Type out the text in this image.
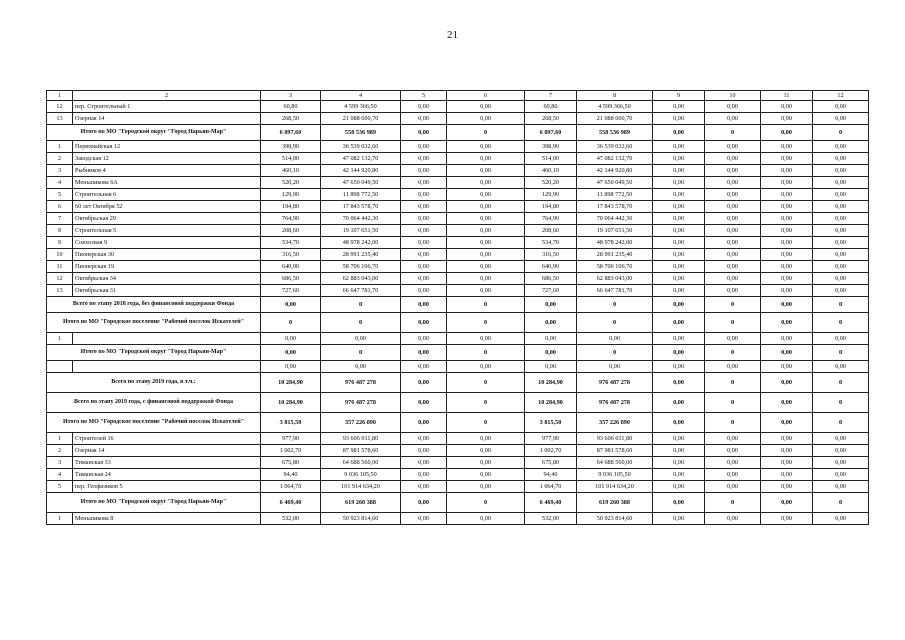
21
1	2	3	4	5	6	7	8	9	10	11	12
12	пер. Строительный 1	60,80	4 599 366,50	0,00	0,00	60,80	4 599 366,50	0,00	0,00	0,00	0,00
13	Озерная 14	268,50	21 088 600,70	0,00	0,00	268,50	21 088 600,70	0,00	0,00	0,00	0,00
Итого по МО "Городской округ "Город Нарьян-Мар"		6 097,60	558 536 989	0,00	0	6 097,60	558 536 989	0,00	0	0,00	0
1	Первомайская 12	398,90	36 539 032,60	0,00	0,00	398,90	36 539 032,60	0,00	0,00	0,00	0,00
2	Заводская 12	514,00	47 082 132,70	0,00	0,00	514,00	47 082 132,70	0,00	0,00	0,00	0,00
3	Рыбников 4	460,10	42 144 920,80	0,00	0,00	460,10	42 144 920,80	0,00	0,00	0,00	0,00
4	Меньшикова 6А	520,20	47 650 049,50	0,00	0,00	520,20	47 650 049,50	0,00	0,00	0,00	0,00
5	Строительная 6	129,90	11 898 772,50	0,00	0,00	129,90	11 898 772,50	0,00	0,00	0,00	0,00
6	60 лет Октября 52	194,80	17 843 578,70	0,00	0,00	194,80	17 843 578,70	0,00	0,00	0,00	0,00
7	Октябрьская 29	764,90	70 064 442,30	0,00	0,00	764,90	70 064 442,30	0,00	0,00	0,00	0,00
8	Строительная 5	208,60	19 107 651,50	0,00	0,00	208,60	19 107 651,50	0,00	0,00	0,00	0,00
9	Совхозная 9	534,70	48 978 242,00	0,00	0,00	534,70	48 978 242,00	0,00	0,00	0,00	0,00
10	Пионерская 30	316,50	28 991 235,40	0,00	0,00	316,50	28 991 235,40	0,00	0,00	0,00	0,00
11	Пионерская 19	640,90	58 706 106,70	0,00	0,00	640,90	58 706 106,70	0,00	0,00	0,00	0,00
12	Октябрьская 34	686,50	62 883 043,00	0,00	0,00	686,50	62 883 043,00	0,00	0,00	0,00	0,00
13	Октябрьская 31	727,60	66 647 781,70	0,00	0,00	727,60	66 647 781,70	0,00	0,00	0,00	0,00
Всего по этапу 2018 года, без финансовой поддержки Фонда		0,00	0	0,00	0	0,00	0	0,00	0	0,00	0
Итого по МО "Городское поселение "Рабочий поселок Искателей"		0	0	0,00	0	0,00	0	0,00	0	0,00	0
1		0,00	0,00	0,00	0,00	0,00	0,00	0,00	0,00	0,00	0,00
Итого по МО "Городской округ "Город Нарьян-Мар"		0,00	0	0,00	0	0,00	0	0,00	0	0,00	0
		0,00	0,00	0,00	0,00	0,00	0,00	0,00	0,00	0,00	0,00
Всего по этапу 2019 года, в т.ч.:		10 284,90	976 487 278	0,00	0	10 284,90	976 487 278	0,00	0	0,00	0
Всего по этапу 2019 года, с финансовой поддержкой Фонда		10 284,90	976 487 278	0,00	0	10 284,90	976 487 278	0,00	0	0,00	0
Итого по МО "Городское поселение "Рабочий поселок Искателей"		3 815,50	357 226 890	0,00	0	3 815,50	357 226 890	0,00	0	0,00	0
1	Строителей 16	977,90	93 606 011,80	0,00	0,00	977,90	93 606 011,80	0,00	0,00	0,00	0,00
2	Озерная 14	1 002,70	87 981 578,60	0,00	0,00	1 002,70	87 981 578,60	0,00	0,00	0,00	0,00
3	Тиманская 33	675,80	64 688 560,00	0,00	0,00	675,80	64 688 560,00	0,00	0,00	0,00	0,00
4	Тиманская 24	94,40	9 036 105,50	0,00	0,00	94,40	9 036 105,50	0,00	0,00	0,00	0,00
5	пер. Геофизиков 5	1 064,70	101 914 634,20	0,00	0,00	1 064,70	101 914 634,20	0,00	0,00	0,00	0,00
Итого по МО "Городской округ "Город Нарьян-Мар"		6 469,40	619 260 388	0,00	0	6 469,40	619 260 388	0,00	0	0,00	0
1	Меньшикова 8	532,00	50 923 814,60	0,00	0,00	532,00	50 923 814,60	0,00	0,00	0,00	0,00
